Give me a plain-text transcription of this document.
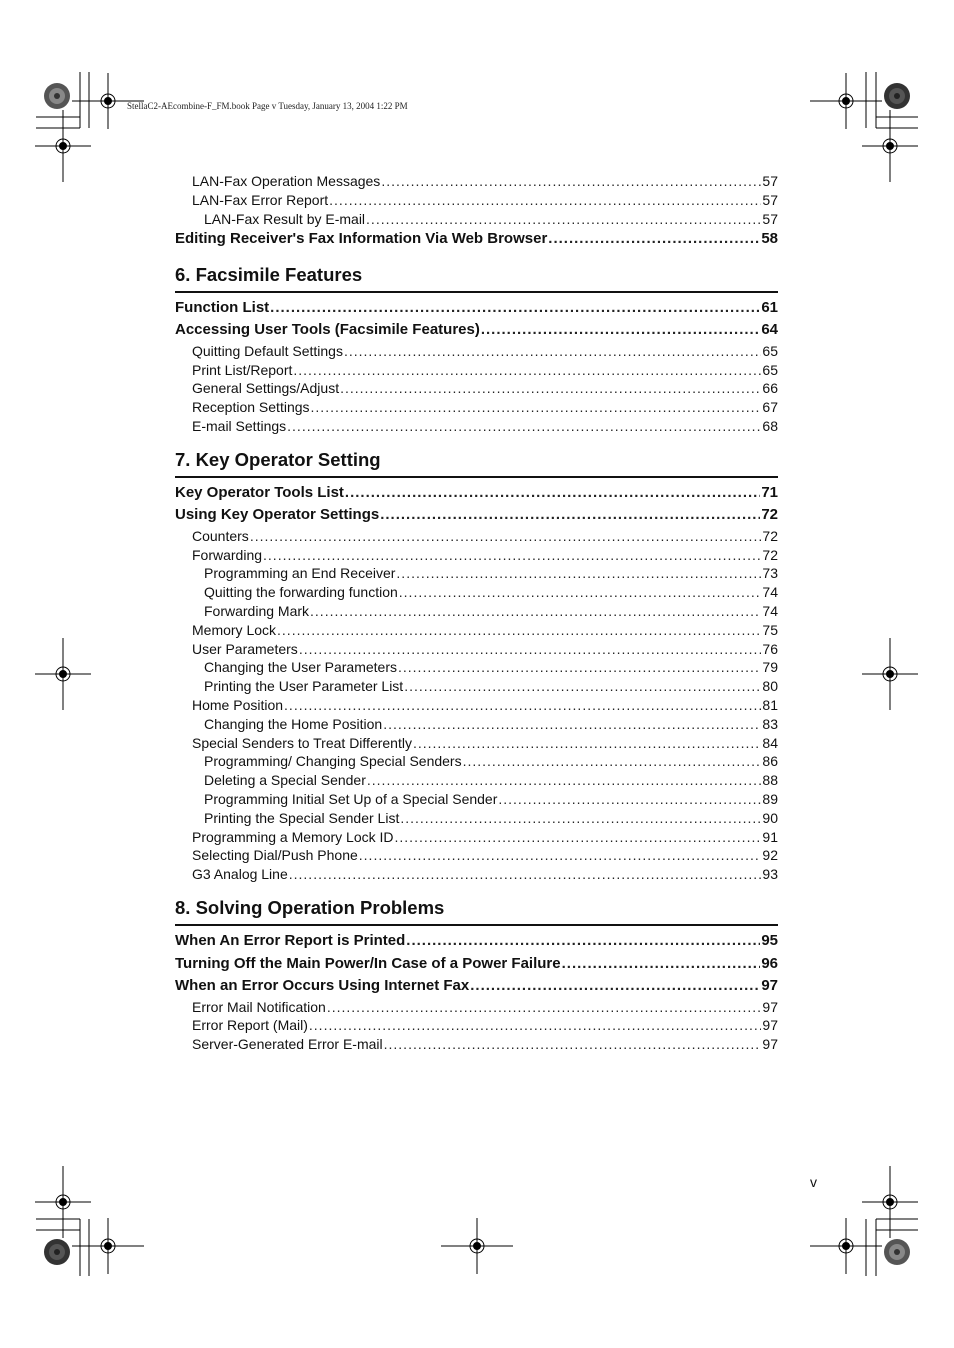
StellaC2-AEcombine-F_FM.book Page v Tuesday, January 13, 2004 1:22 PM
LAN-Fax Operation Messages .....	57
LAN-Fax Error Report .....	57
LAN-Fax Result by E-mail .....	57
Editing Receiver's Fax Information Via Web Browser .....	58
6. Facsimile Features
Function List .....	61
Accessing User Tools (Facsimile Features) .....	64
Quitting Default Settings .....	65
Print List/Report .....	65
General Settings/Adjust .....	66
Reception Settings .....	67
E-mail Settings .....	68
7. Key Operator Setting
Key Operator Tools List .....	71
Using Key Operator Settings .....	72
Counters .....	72
Forwarding .....	72
Programming an End Receiver .....	73
Quitting the forwarding function .....	74
Forwarding Mark .....	74
Memory Lock .....	75
User Parameters .....	76
Changing the User Parameters .....	79
Printing the User Parameter List .....	80
Home Position .....	81
Changing the Home Position .....	83
Special Senders to Treat Differently .....	84
Programming/ Changing Special Senders .....	86
Deleting a Special Sender .....	88
Programming Initial Set Up of a Special Sender .....	89
Printing the Special Sender List .....	90
Programming a Memory Lock ID .....	91
Selecting Dial/Push Phone .....	92
G3 Analog Line .....	93
8. Solving Operation Problems
When An Error Report is Printed .....	95
Turning Off the Main Power/In Case of a Power Failure .....	96
When an Error Occurs Using Internet Fax .....	97
Error Mail Notification .....	97
Error Report (Mail) .....	97
Server-Generated Error E-mail .....	97
v
